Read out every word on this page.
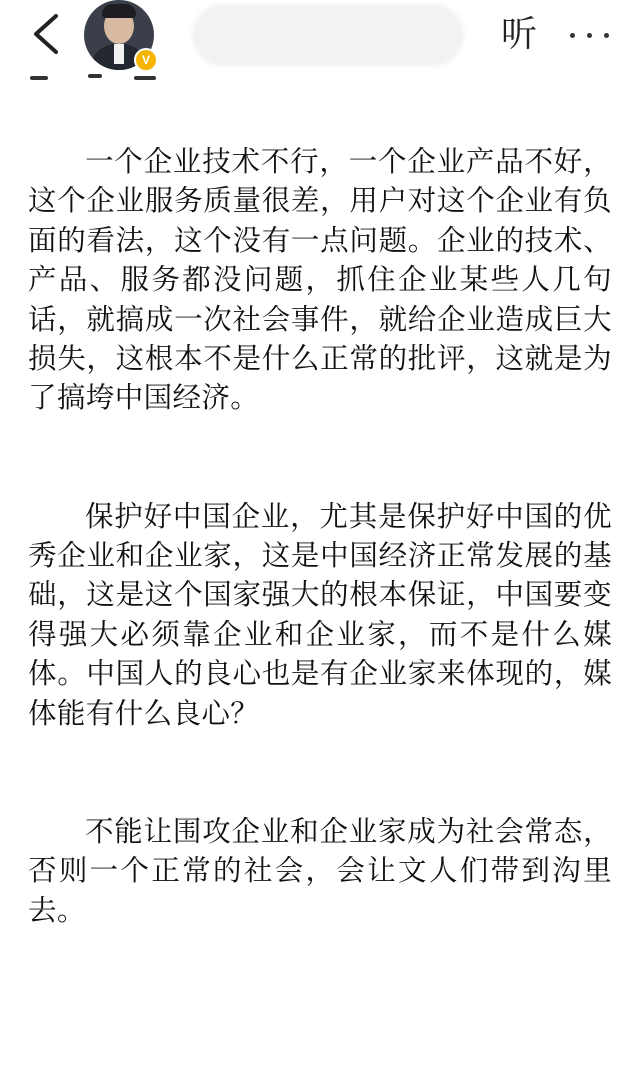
V
听

一个企业技术不行，一个企业产品不好，这个企业服务质量很差，用户对这个企业有负面的看法，这个没有一点问题。企业的技术、产品、服务都没问题，抓住企业某些人几句话，就搞成一次社会事件，就给企业造成巨大损失，这根本不是什么正常的批评，这就是为了搞垮中国经济。

保护好中国企业，尤其是保护好中国的优秀企业和企业家，这是中国经济正常发展的基础，这是这个国家强大的根本保证，中国要变得强大必须靠企业和企业家，而不是什么媒体。中国人的良心也是有企业家来体现的，媒体能有什么良心？

不能让围攻企业和企业家成为社会常态，否则一个正常的社会，会让文人们带到沟里去。
